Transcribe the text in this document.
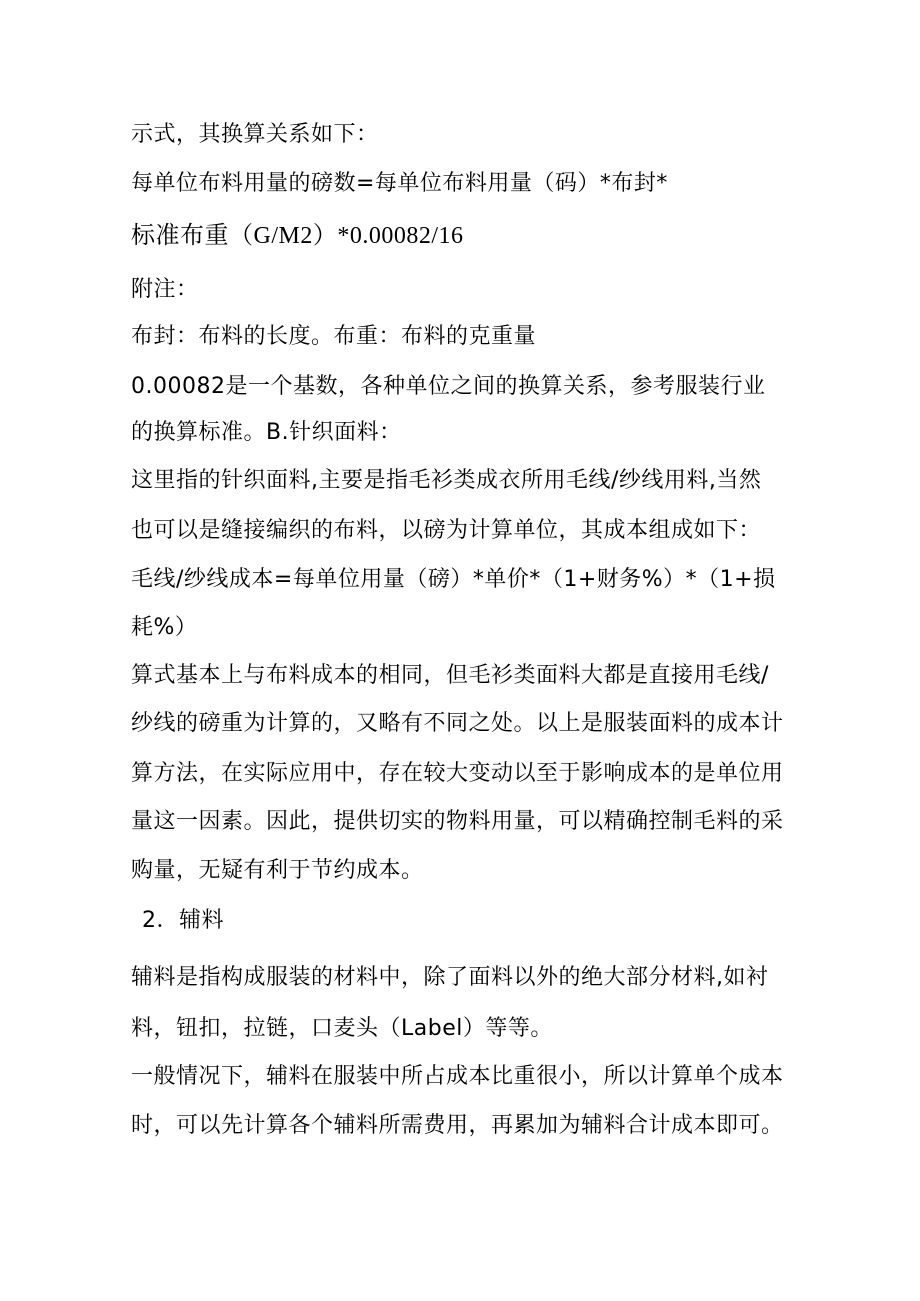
示式，其换算关系如下：
每单位布料用量的磅数=每单位布料用量（码）*布封*
标准布重（G/M2）*0.00082/16
附注：
布封：布料的长度。布重：布料的克重量
0.00082是一个基数，各种单位之间的换算关系，参考服装行业
的换算标准。B.针织面料：
这里指的针织面料,主要是指毛衫类成衣所用毛线/纱线用料,当然
也可以是缝接编织的布料，以磅为计算单位，其成本组成如下：
毛线/纱线成本=每单位用量（磅）*单价*（1+财务%）*（1+损
耗%）
算式基本上与布料成本的相同，但毛衫类面料大都是直接用毛线/
纱线的磅重为计算的，又略有不同之处。以上是服装面料的成本计
算方法，在实际应用中，存在较大变动以至于影响成本的是单位用
量这一因素。因此，提供切实的物料用量，可以精确控制毛料的采
购量，无疑有利于节约成本。
2．辅料
辅料是指构成服装的材料中，除了面料以外的绝大部分材料,如衬
料，钮扣，拉链，口麦头（Label）等等。
一般情况下，辅料在服装中所占成本比重很小，所以计算单个成本
时，可以先计算各个辅料所需费用，再累加为辅料合计成本即可。
